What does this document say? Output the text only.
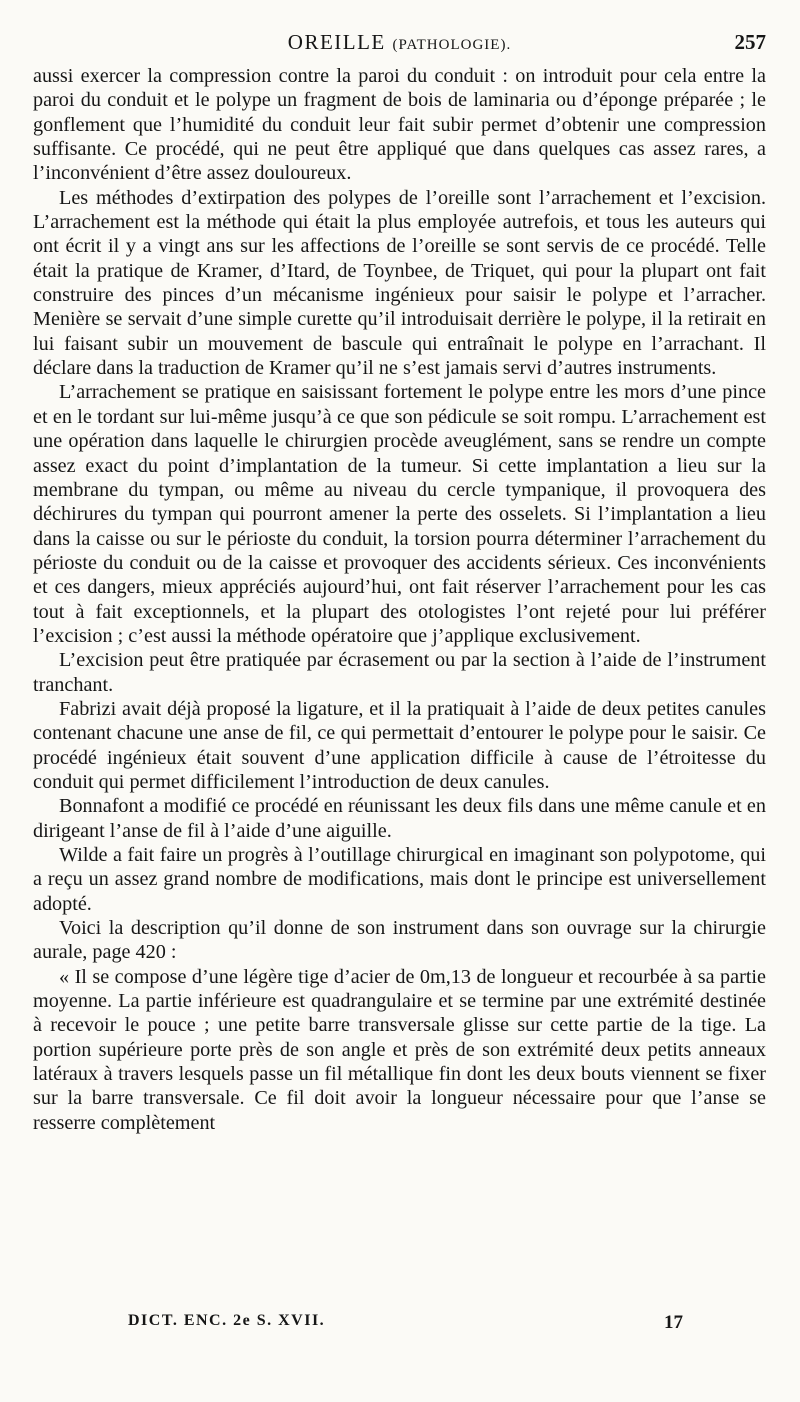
OREILLE (PATHOLOGIE).	257

aussi exercer la compression contre la paroi du conduit : on introduit pour cela entre la paroi du conduit et le polype un fragment de bois de laminaria ou d’éponge préparée ; le gonflement que l’humidité du conduit leur fait subir permet d’obtenir une compression suffisante. Ce procédé, qui ne peut être appliqué que dans quelques cas assez rares, a l’inconvénient d’être assez douloureux.

Les méthodes d’extirpation des polypes de l’oreille sont l’arrachement et l’excision. L’arrachement est la méthode qui était la plus employée autrefois, et tous les auteurs qui ont écrit il y a vingt ans sur les affections de l’oreille se sont servis de ce procédé. Telle était la pratique de Kramer, d’Itard, de Toynbee, de Triquet, qui pour la plupart ont fait construire des pinces d’un mécanisme ingénieux pour saisir le polype et l’arracher. Menière se servait d’une simple curette qu’il introduisait derrière le polype, il la retirait en lui faisant subir un mouvement de bascule qui entraînait le polype en l’arrachant. Il déclare dans la traduction de Kramer qu’il ne s’est jamais servi d’autres instruments.

L’arrachement se pratique en saisissant fortement le polype entre les mors d’une pince et en le tordant sur lui-même jusqu’à ce que son pédicule se soit rompu. L’arrachement est une opération dans laquelle le chirurgien procède aveuglément, sans se rendre un compte assez exact du point d’implantation de la tumeur. Si cette implantation a lieu sur la membrane du tympan, ou même au niveau du cercle tympanique, il provoquera des déchirures du tympan qui pourront amener la perte des osselets. Si l’implantation a lieu dans la caisse ou sur le périoste du conduit, la torsion pourra déterminer l’arrachement du périoste du conduit ou de la caisse et provoquer des accidents sérieux. Ces inconvénients et ces dangers, mieux appréciés aujourd’hui, ont fait réserver l’arrachement pour les cas tout à fait exceptionnels, et la plupart des otologistes l’ont rejeté pour lui préférer l’excision ; c’est aussi la méthode opératoire que j’applique exclusivement.

L’excision peut être pratiquée par écrasement ou par la section à l’aide de l’instrument tranchant.

Fabrizi avait déjà proposé la ligature, et il la pratiquait à l’aide de deux petites canules contenant chacune une anse de fil, ce qui permettait d’entourer le polype pour le saisir. Ce procédé ingénieux était souvent d’une application difficile à cause de l’étroitesse du conduit qui permet difficilement l’introduction de deux canules.

Bonnafont a modifié ce procédé en réunissant les deux fils dans une même canule et en dirigeant l’anse de fil à l’aide d’une aiguille.

Wilde a fait faire un progrès à l’outillage chirurgical en imaginant son polypotome, qui a reçu un assez grand nombre de modifications, mais dont le principe est universellement adopté.

Voici la description qu’il donne de son instrument dans son ouvrage sur la chirurgie aurale, page 420 :

« Il se compose d’une légère tige d’acier de 0m,13 de longueur et recourbée à sa partie moyenne. La partie inférieure est quadrangulaire et se termine par une extrémité destinée à recevoir le pouce ; une petite barre transversale glisse sur cette partie de la tige. La portion supérieure porte près de son angle et près de son extrémité deux petits anneaux latéraux à travers lesquels passe un fil métallique fin dont les deux bouts viennent se fixer sur la barre transversale. Ce fil doit avoir la longueur nécessaire pour que l’anse se resserre complètement

DICT. ENC. 2e S. XVII.	17
